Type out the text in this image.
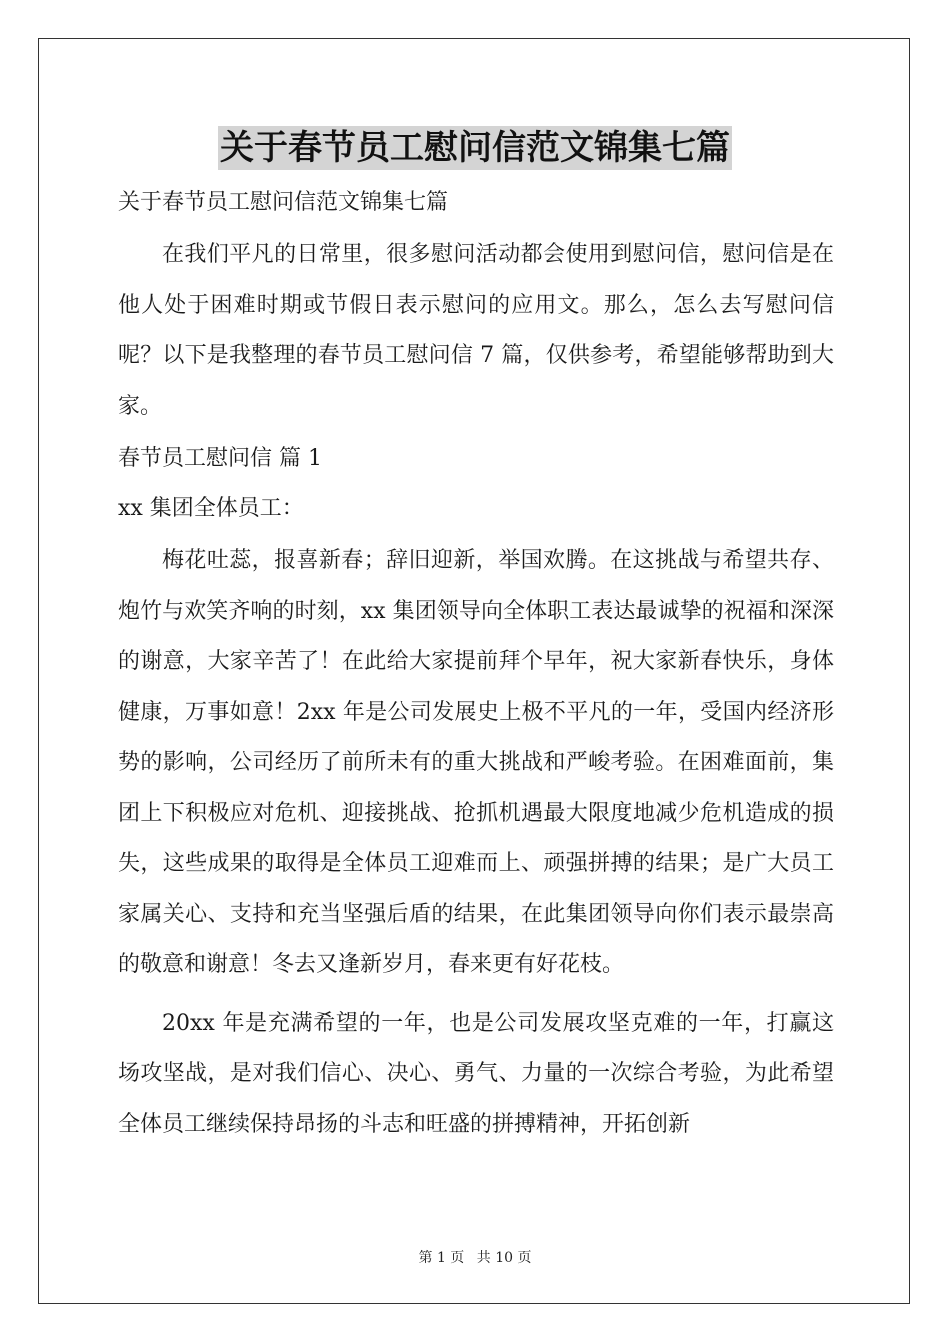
关于春节员工慰问信范文锦集七篇

关于春节员工慰问信范文锦集七篇

在我们平凡的日常里，很多慰问活动都会使用到慰问信，慰问信是在他人处于困难时期或节假日表示慰问的应用文。那么，怎么去写慰问信呢？以下是我整理的春节员工慰问信 7 篇，仅供参考，希望能够帮助到大家。

春节员工慰问信 篇 1

xx 集团全体员工：

梅花吐蕊，报喜新春；辞旧迎新，举国欢腾。在这挑战与希望共存、炮竹与欢笑齐响的时刻，xx 集团领导向全体职工表达最诚挚的祝福和深深的谢意，大家辛苦了！在此给大家提前拜个早年，祝大家新春快乐，身体健康，万事如意！2xx 年是公司发展史上极不平凡的一年，受国内经济形势的影响，公司经历了前所未有的重大挑战和严峻考验。在困难面前，集团上下积极应对危机、迎接挑战、抢抓机遇最大限度地减少危机造成的损失，这些成果的取得是全体员工迎难而上、顽强拼搏的结果；是广大员工家属关心、支持和充当坚强后盾的结果，在此集团领导向你们表示最崇高的敬意和谢意！冬去又逢新岁月，春来更有好花枝。

20xx 年是充满希望的一年，也是公司发展攻坚克难的一年，打赢这场攻坚战，是对我们信心、决心、勇气、力量的一次综合考验，为此希望全体员工继续保持昂扬的斗志和旺盛的拼搏精神，开拓创新

第 1 页 共 10 页
